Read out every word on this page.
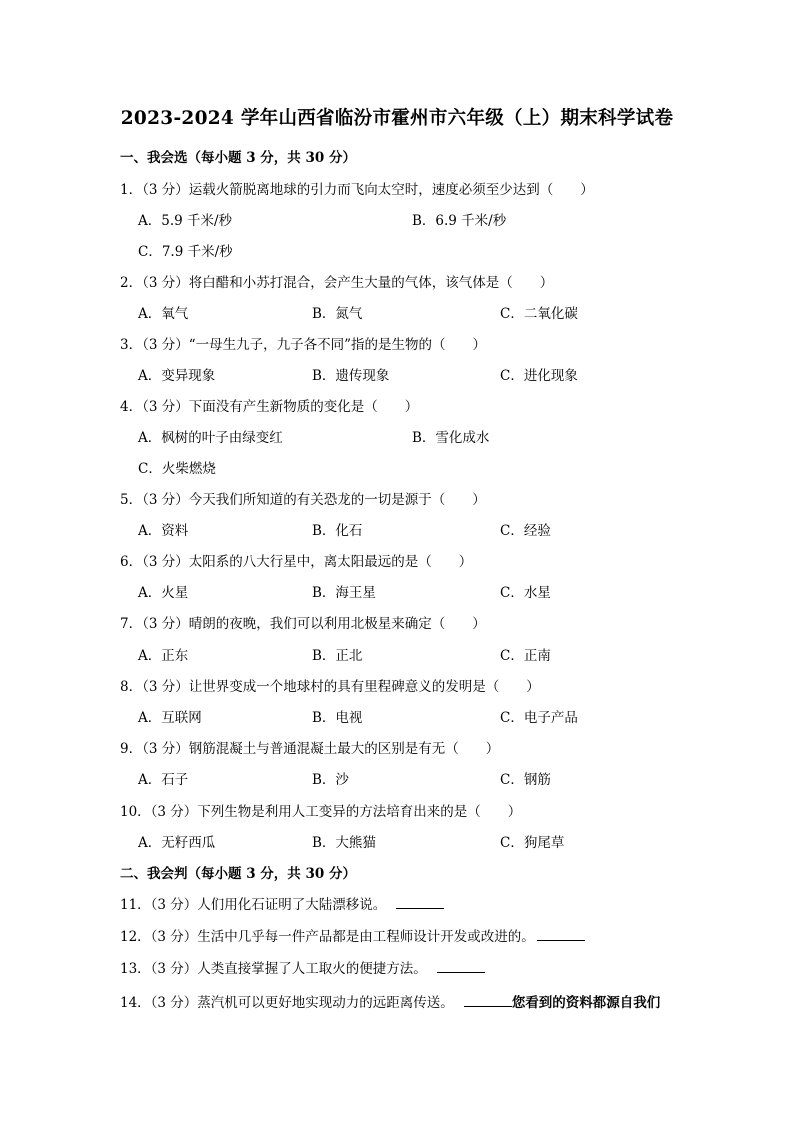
2023-2024 学年山西省临汾市霍州市六年级（上）期末科学试卷
一、我会选（每小题 3 分，共 30 分）
1．（3 分）运载火箭脱离地球的引力而飞向太空时，速度必须至少达到（　　）
A．5.9 千米/秒	B．6.9 千米/秒
C．7.9 千米/秒
2．（3 分）将白醋和小苏打混合，会产生大量的气体，该气体是（　　）
A．氧气	B．氮气	C．二氧化碳
3．（3 分）“一母生九子，九子各不同”指的是生物的（　　）
A．变异现象	B．遗传现象	C．进化现象
4．（3 分）下面没有产生新物质的变化是（　　）
A．枫树的叶子由绿变红	B．雪化成水
C．火柴燃烧
5．（3 分）今天我们所知道的有关恐龙的一切是源于（　　）
A．资料	B．化石	C．经验
6．（3 分）太阳系的八大行星中，离太阳最远的是（　　）
A．火星	B．海王星	C．水星
7．（3 分）晴朗的夜晚，我们可以利用北极星来确定（　　）
A．正东	B．正北	C．正南
8．（3 分）让世界变成一个地球村的具有里程碑意义的发明是（　　）
A．互联网	B．电视	C．电子产品
9．（3 分）钢筋混凝土与普通混凝土最大的区别是有无（　　）
A．石子	B．沙	C．钢筋
10．（3 分）下列生物是利用人工变异的方法培育出来的是（　　）
A．无籽西瓜	B．大熊猫	C．狗尾草
二、我会判（每小题 3 分，共 30 分）
11．（3 分）人们用化石证明了大陆漂移说。
12．（3 分）生活中几乎每一件产品都是由工程师设计开发或改进的。
13．（3 分）人类直接掌握了人工取火的便捷方法。
14．（3 分）蒸汽机可以更好地实现动力的远距离传送。	您看到的资料都源自我们
